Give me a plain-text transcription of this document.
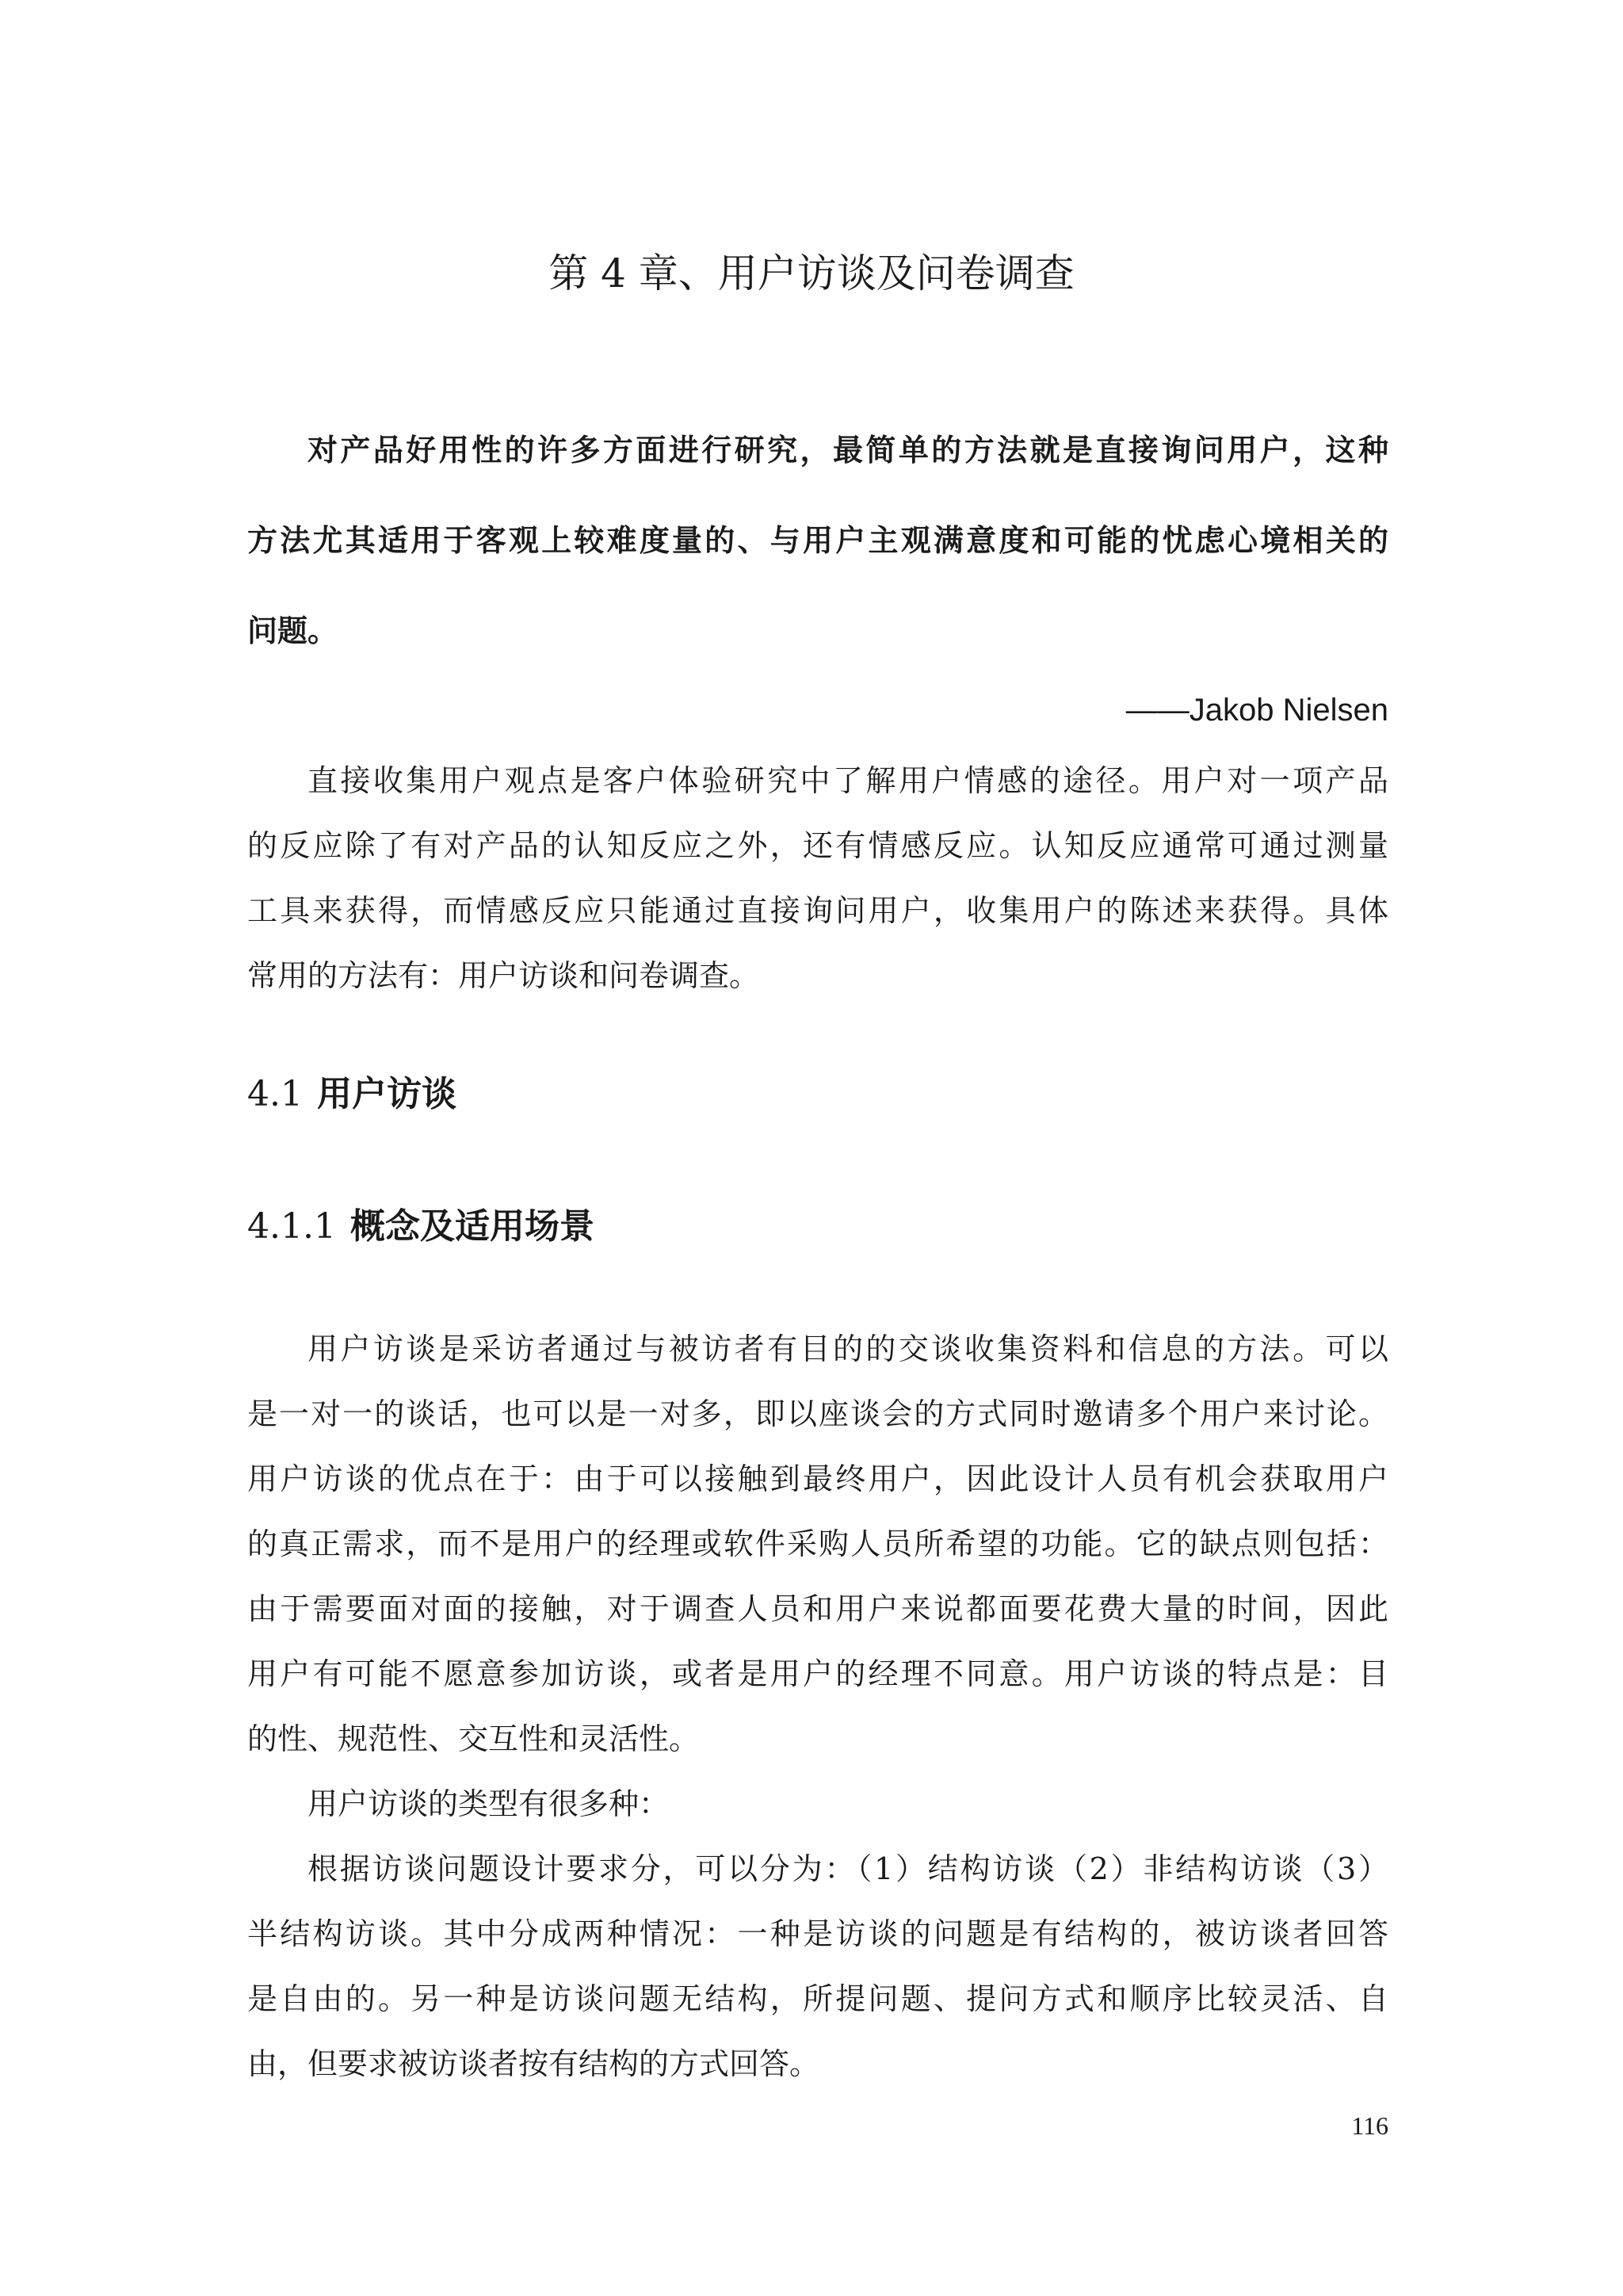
第 4 章、用户访谈及问卷调查
对产品好用性的许多方面进行研究，最简单的方法就是直接询问用户，这种
方法尤其适用于客观上较难度量的、与用户主观满意度和可能的忧虑心境相关的
问题。

——Jakob Nielsen

直接收集用户观点是客户体验研究中了解用户情感的途径。用户对一项产品
的反应除了有对产品的认知反应之外，还有情感反应。认知反应通常可通过测量
工具来获得，而情感反应只能通过直接询问用户，收集用户的陈述来获得。具体
常用的方法有：用户访谈和问卷调查。
4.1 用户访谈
4.1.1 概念及适用场景
用户访谈是采访者通过与被访者有目的的交谈收集资料和信息的方法。可以
是一对一的谈话，也可以是一对多，即以座谈会的方式同时邀请多个用户来讨论。
用户访谈的优点在于：由于可以接触到最终用户，因此设计人员有机会获取用户
的真正需求，而不是用户的经理或软件采购人员所希望的功能。它的缺点则包括：
由于需要面对面的接触，对于调查人员和用户来说都面要花费大量的时间，因此
用户有可能不愿意参加访谈，或者是用户的经理不同意。用户访谈的特点是：目
的性、规范性、交互性和灵活性。
用户访谈的类型有很多种：
根据访谈问题设计要求分，可以分为：（1）结构访谈（2）非结构访谈（3）
半结构访谈。其中分成两种情况：一种是访谈的问题是有结构的，被访谈者回答
是自由的。另一种是访谈问题无结构，所提问题、提问方式和顺序比较灵活、自
由，但要求被访谈者按有结构的方式回答。

116
